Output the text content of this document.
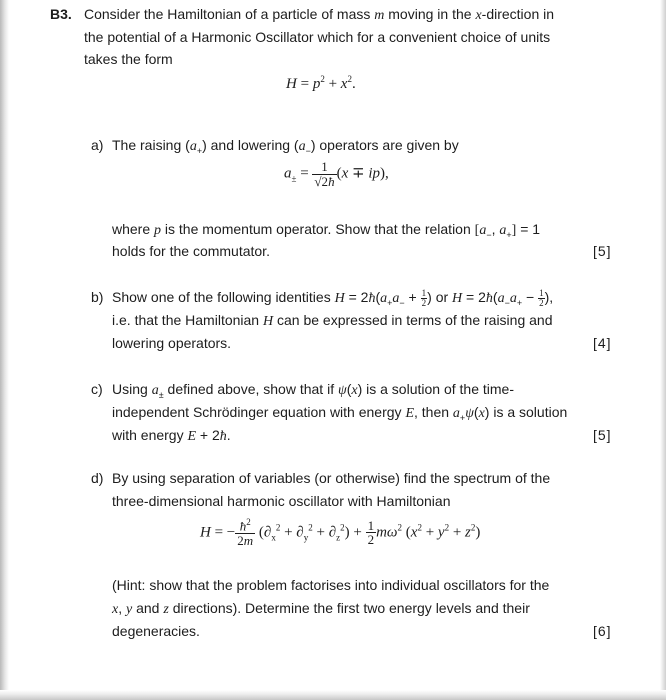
B3. Consider the Hamiltonian of a particle of mass m moving in the x-direction in
the potential of a Harmonic Oscillator which for a convenient choice of units
takes the form
$H = p^2 + x^2$.
a) The raising $(a_+)$ and lowering $(a_-)$ operators are given by
$a_\pm = \frac{1}{√2ħ} (x \mp ip)$,
where p is the momentum operator. Show that the relation [$a_-$, $a_+] = 1$
holds for the commutator.	[5]
b) Show one of the following identities $H = 2ħ(a_+a_- + \frac{1}{2}$ ) or $H = 2ħ(a_-a_+ - \frac{1}{2}$ ),
i.e. that the Hamiltonian H can be expressed in terms of the raising and
lowering operators.	[4]
c) Using $a_\pm$ defined above, show that if ψ(x) is a solution of the time-
independent Schrödinger equation with energy E, then $a_+\psi(x)$ is a solution
with energy E + 2ħ.	[5]
d) By using separation of variables (or otherwise) find the spectrum of the
three-dimensional harmonic oscillator with Hamiltonian
H = − $\frac{ħ^2}{2m} (\partial_x^2 + \partial_y^2 + \partial_z^2) + \frac{1}{2} m\omega^2$ $(x^2 + y^2 + z^2)$
(Hint: show that the problem factorises into individual oscillators for the
x, y and z directions). Determine the first two energy levels and their
degeneracies.	[6]
